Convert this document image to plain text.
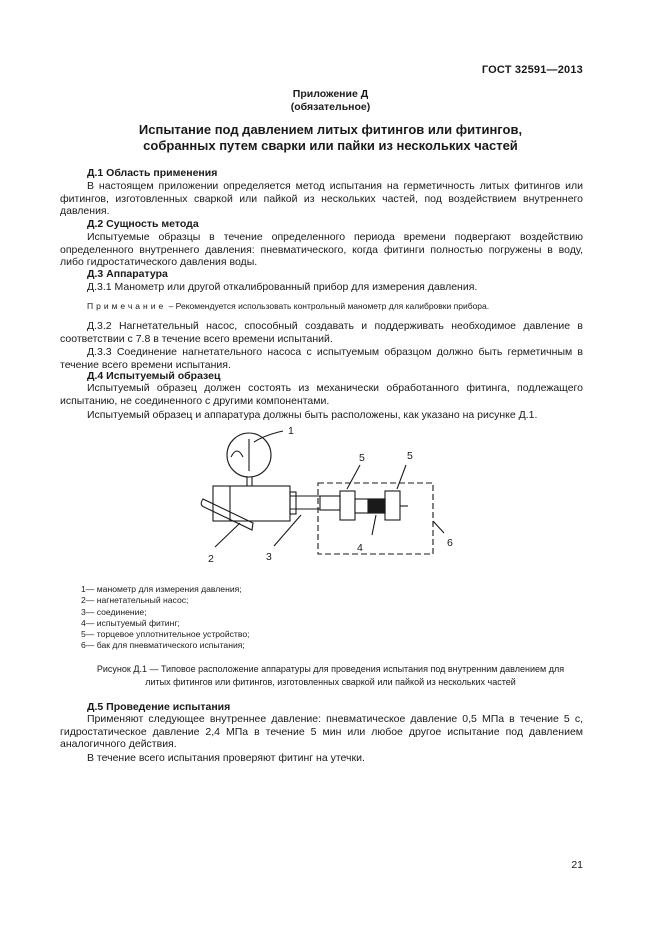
ГОСТ 32591—2013
Приложение Д
(обязательное)
Испытание под давлением литых фитингов или фитингов,
собранных путем сварки или пайки из нескольких частей
Д.1 Область применения
В настоящем приложении определяется метод испытания на герметичность литых фитингов или фитингов, изготовленных сваркой или пайкой из нескольких частей, под воздействием внутреннего давления.
Д.2 Сущность метода
Испытуемые образцы в течение определенного периода времени подвергают воздействию определенного внутреннего давления: пневматического, когда фитинги полностью погружены в воду, либо гидростатического давления воды.
Д.3 Аппаратура
Д.3.1 Манометр или другой откалиброванный прибор для измерения давления.
Примечание – Рекомендуется использовать контрольный манометр для калибровки прибора.
Д.3.2 Нагнетательный насос, способный создавать и поддерживать необходимое давление в соответствии с 7.8 в течение всего времени испытаний.
Д.3.3 Соединение нагнетательного насоса с испытуемым образцом должно быть герметичным в течение всего времени испытания.
Д.4 Испытуемый образец
Испытуемый образец должен состоять из механически обработанного фитинга, подлежащего испытанию, не соединенного с другими компонентами.
Испытуемый образец и аппаратура должны быть расположены, как указано на рисунке Д.1.
1
2	3
4
5	5
6
1— манометр для измерения давления;
2— нагнетательный насос;
3— соединение;
4— испытуемый фитинг;
5— торцевое уплотнительное устройство;
6— бак для пневматического испытания;
Рисунок Д.1 — Типовое расположение аппаратуры для проведения испытания под внутренним давлением для
литых фитингов или фитингов, изготовленных сваркой или пайкой из нескольких частей
Д.5 Проведение испытания
Применяют следующее внутреннее давление: пневматическое давление 0,5 МПа в течение 5 с, гидростатическое давление 2,4 МПа в течение 5 мин или любое другое испытание под давлением аналогичного действия.
В течение всего испытания проверяют фитинг на утечки.
21
